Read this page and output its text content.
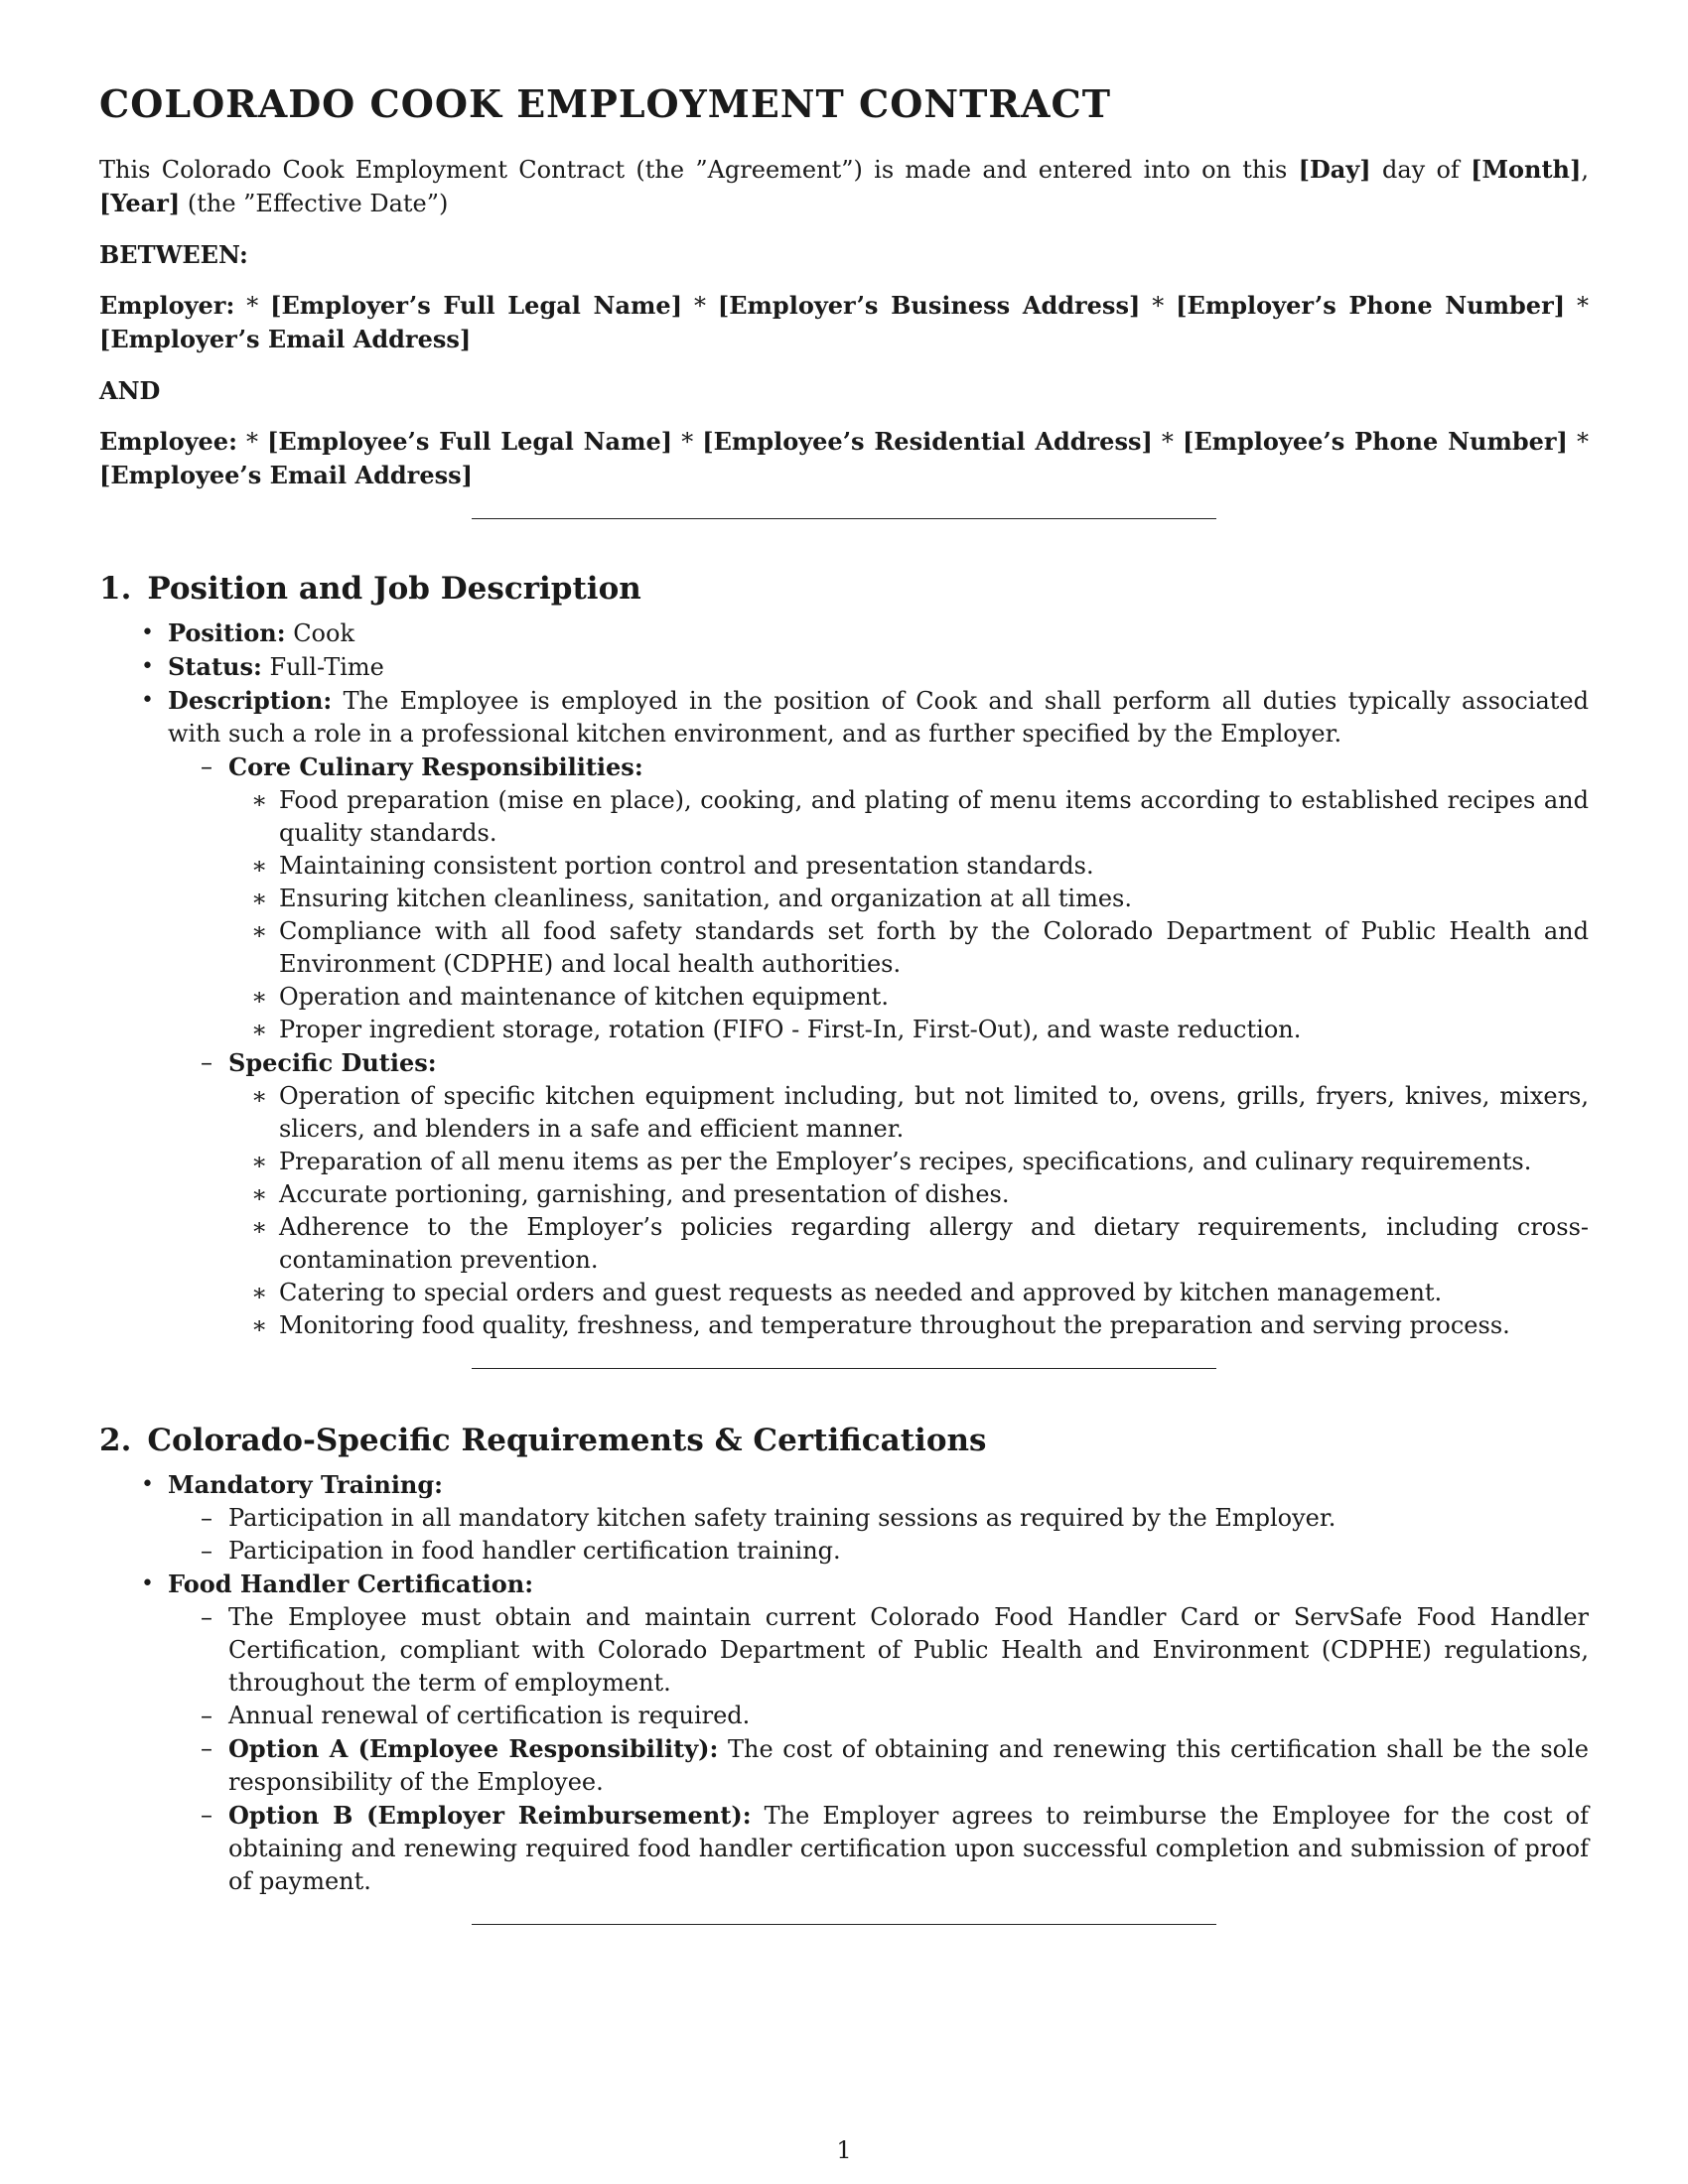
COLORADO COOK EMPLOYMENT CONTRACT

This Colorado Cook Employment Contract (the ”Agreement”) is made and entered into on this [Day] day of [Month], [Year] (the ”Effective Date”)

BETWEEN:

Employer: * [Employer’s Full Legal Name] * [Employer’s Business Address] * [Employer’s Phone Number] * [Employer’s Email Address]

AND

Employee: * [Employee’s Full Legal Name] * [Employee’s Residential Address] * [Employee’s Phone Number] * [Employee’s Email Address]

1. Position and Job Description
• Position: Cook
• Status: Full-Time
• Description: The Employee is employed in the position of Cook and shall perform all duties typically associated with such a role in a professional kitchen environment, and as further specified by the Employer.
– Core Culinary Responsibilities:
∗ Food preparation (mise en place), cooking, and plating of menu items according to established recipes and quality standards.
∗ Maintaining consistent portion control and presentation standards.
∗ Ensuring kitchen cleanliness, sanitation, and organization at all times.
∗ Compliance with all food safety standards set forth by the Colorado Department of Public Health and Environment (CDPHE) and local health authorities.
∗ Operation and maintenance of kitchen equipment.
∗ Proper ingredient storage, rotation (FIFO - First-In, First-Out), and waste reduction.
– Specific Duties:
∗ Operation of specific kitchen equipment including, but not limited to, ovens, grills, fryers, knives, mixers, slicers, and blenders in a safe and efficient manner.
∗ Preparation of all menu items as per the Employer’s recipes, specifications, and culinary requirements.
∗ Accurate portioning, garnishing, and presentation of dishes.
∗ Adherence to the Employer’s policies regarding allergy and dietary requirements, including cross-contamination prevention.
∗ Catering to special orders and guest requests as needed and approved by kitchen management.
∗ Monitoring food quality, freshness, and temperature throughout the preparation and serving process.
2. Colorado-Specific Requirements & Certifications
• Mandatory Training:
– Participation in all mandatory kitchen safety training sessions as required by the Employer.
– Participation in food handler certification training.
• Food Handler Certification:
– The Employee must obtain and maintain current Colorado Food Handler Card or ServSafe Food Handler Certification, compliant with Colorado Department of Public Health and Environment (CDPHE) regulations, throughout the term of employment.
– Annual renewal of certification is required.
– Option A (Employee Responsibility): The cost of obtaining and renewing this certification shall be the sole responsibility of the Employee.
– Option B (Employer Reimbursement): The Employer agrees to reimburse the Employee for the cost of obtaining and renewing required food handler certification upon successful completion and submission of proof of payment.
1
